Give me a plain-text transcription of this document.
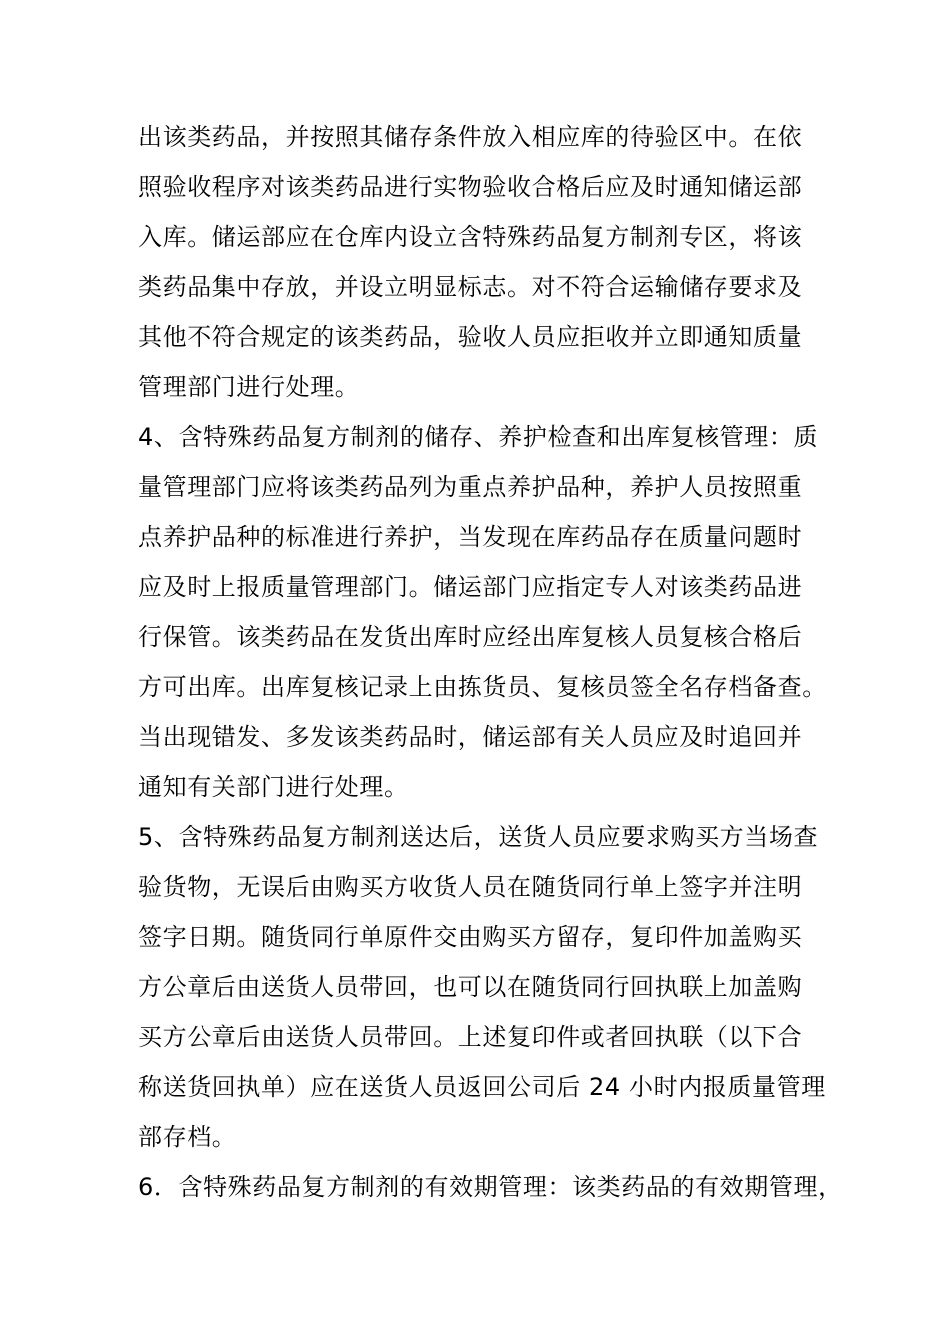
出该类药品，并按照其储存条件放入相应库的待验区中。在依
照验收程序对该类药品进行实物验收合格后应及时通知储运部
入库。储运部应在仓库内设立含特殊药品复方制剂专区，将该
类药品集中存放，并设立明显标志。对不符合运输储存要求及
其他不符合规定的该类药品，验收人员应拒收并立即通知质量
管理部门进行处理。
4、含特殊药品复方制剂的储存、养护检查和出库复核管理：质
量管理部门应将该类药品列为重点养护品种，养护人员按照重
点养护品种的标准进行养护，当发现在库药品存在质量问题时
应及时上报质量管理部门。储运部门应指定专人对该类药品进
行保管。该类药品在发货出库时应经出库复核人员复核合格后
方可出库。出库复核记录上由拣货员、复核员签全名存档备查。
当出现错发、多发该类药品时，储运部有关人员应及时追回并
通知有关部门进行处理。
5、含特殊药品复方制剂送达后，送货人员应要求购买方当场查
验货物，无误后由购买方收货人员在随货同行单上签字并注明
签字日期。随货同行单原件交由购买方留存，复印件加盖购买
方公章后由送货人员带回，也可以在随货同行回执联上加盖购
买方公章后由送货人员带回。上述复印件或者回执联（以下合
称送货回执单）应在送货人员返回公司后 24 小时内报质量管理
部存档。
6．含特殊药品复方制剂的有效期管理：该类药品的有效期管理，
